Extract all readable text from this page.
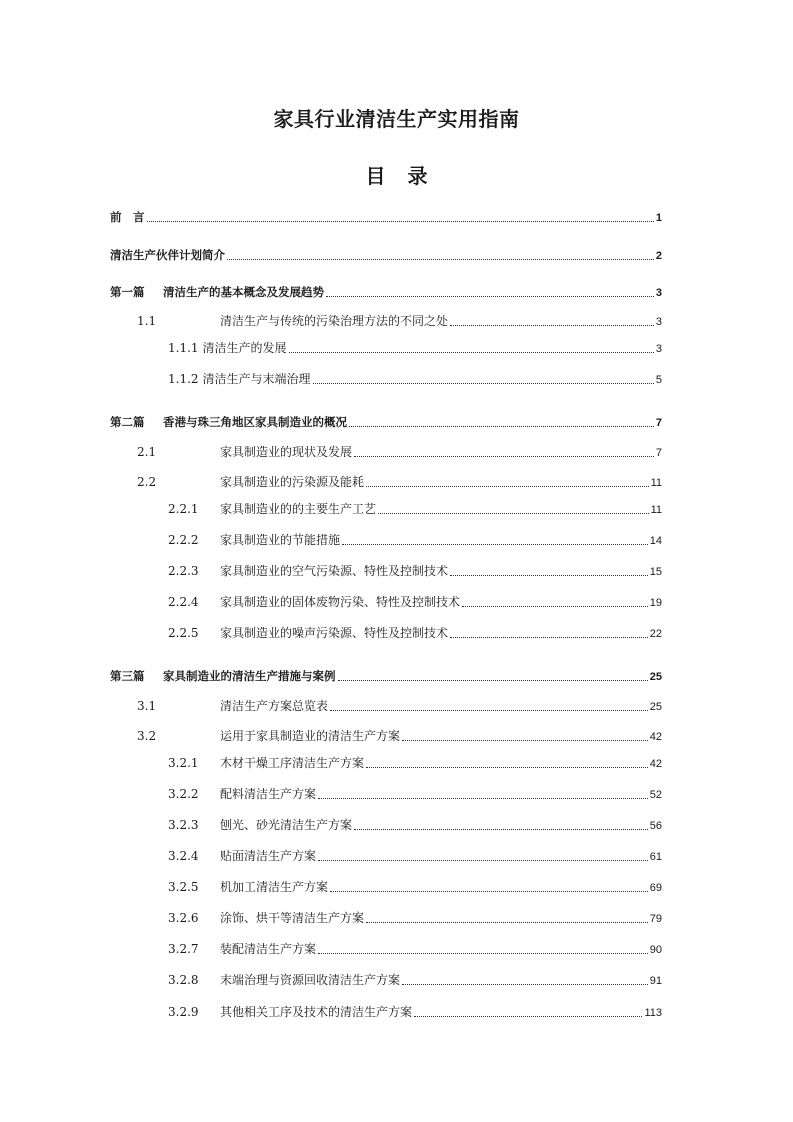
家具行业清洁生产实用指南
目 录
前　言	1
清洁生产伙伴计划简介	2
第一篇	清洁生产的基本概念及发展趋势	3
1.1	清洁生产与传统的污染治理方法的不同之处	3
1.1.1 清洁生产的发展	3
1.1.2 清洁生产与末端治理	5
第二篇	香港与珠三角地区家具制造业的概况	7
2.1	家具制造业的现状及发展	7
2.2	家具制造业的污染源及能耗	11
2.2.1	家具制造业的的主要生产工艺	11
2.2.2	家具制造业的节能措施	14
2.2.3	家具制造业的空气污染源、特性及控制技术	15
2.2.4	家具制造业的固体废物污染、特性及控制技术	19
2.2.5	家具制造业的噪声污染源、特性及控制技术	22
第三篇	家具制造业的清洁生产措施与案例	25
3.1	清洁生产方案总览表	25
3.2	运用于家具制造业的清洁生产方案	42
3.2.1	木材干燥工序清洁生产方案	42
3.2.2	配料清洁生产方案	52
3.2.3	刨光、砂光清洁生产方案	56
3.2.4	贴面清洁生产方案	61
3.2.5	机加工清洁生产方案	69
3.2.6	涂饰、烘干等清洁生产方案	79
3.2.7	装配清洁生产方案	90
3.2.8	末端治理与资源回收清洁生产方案	91
3.2.9	其他相关工序及技术的清洁生产方案	113
